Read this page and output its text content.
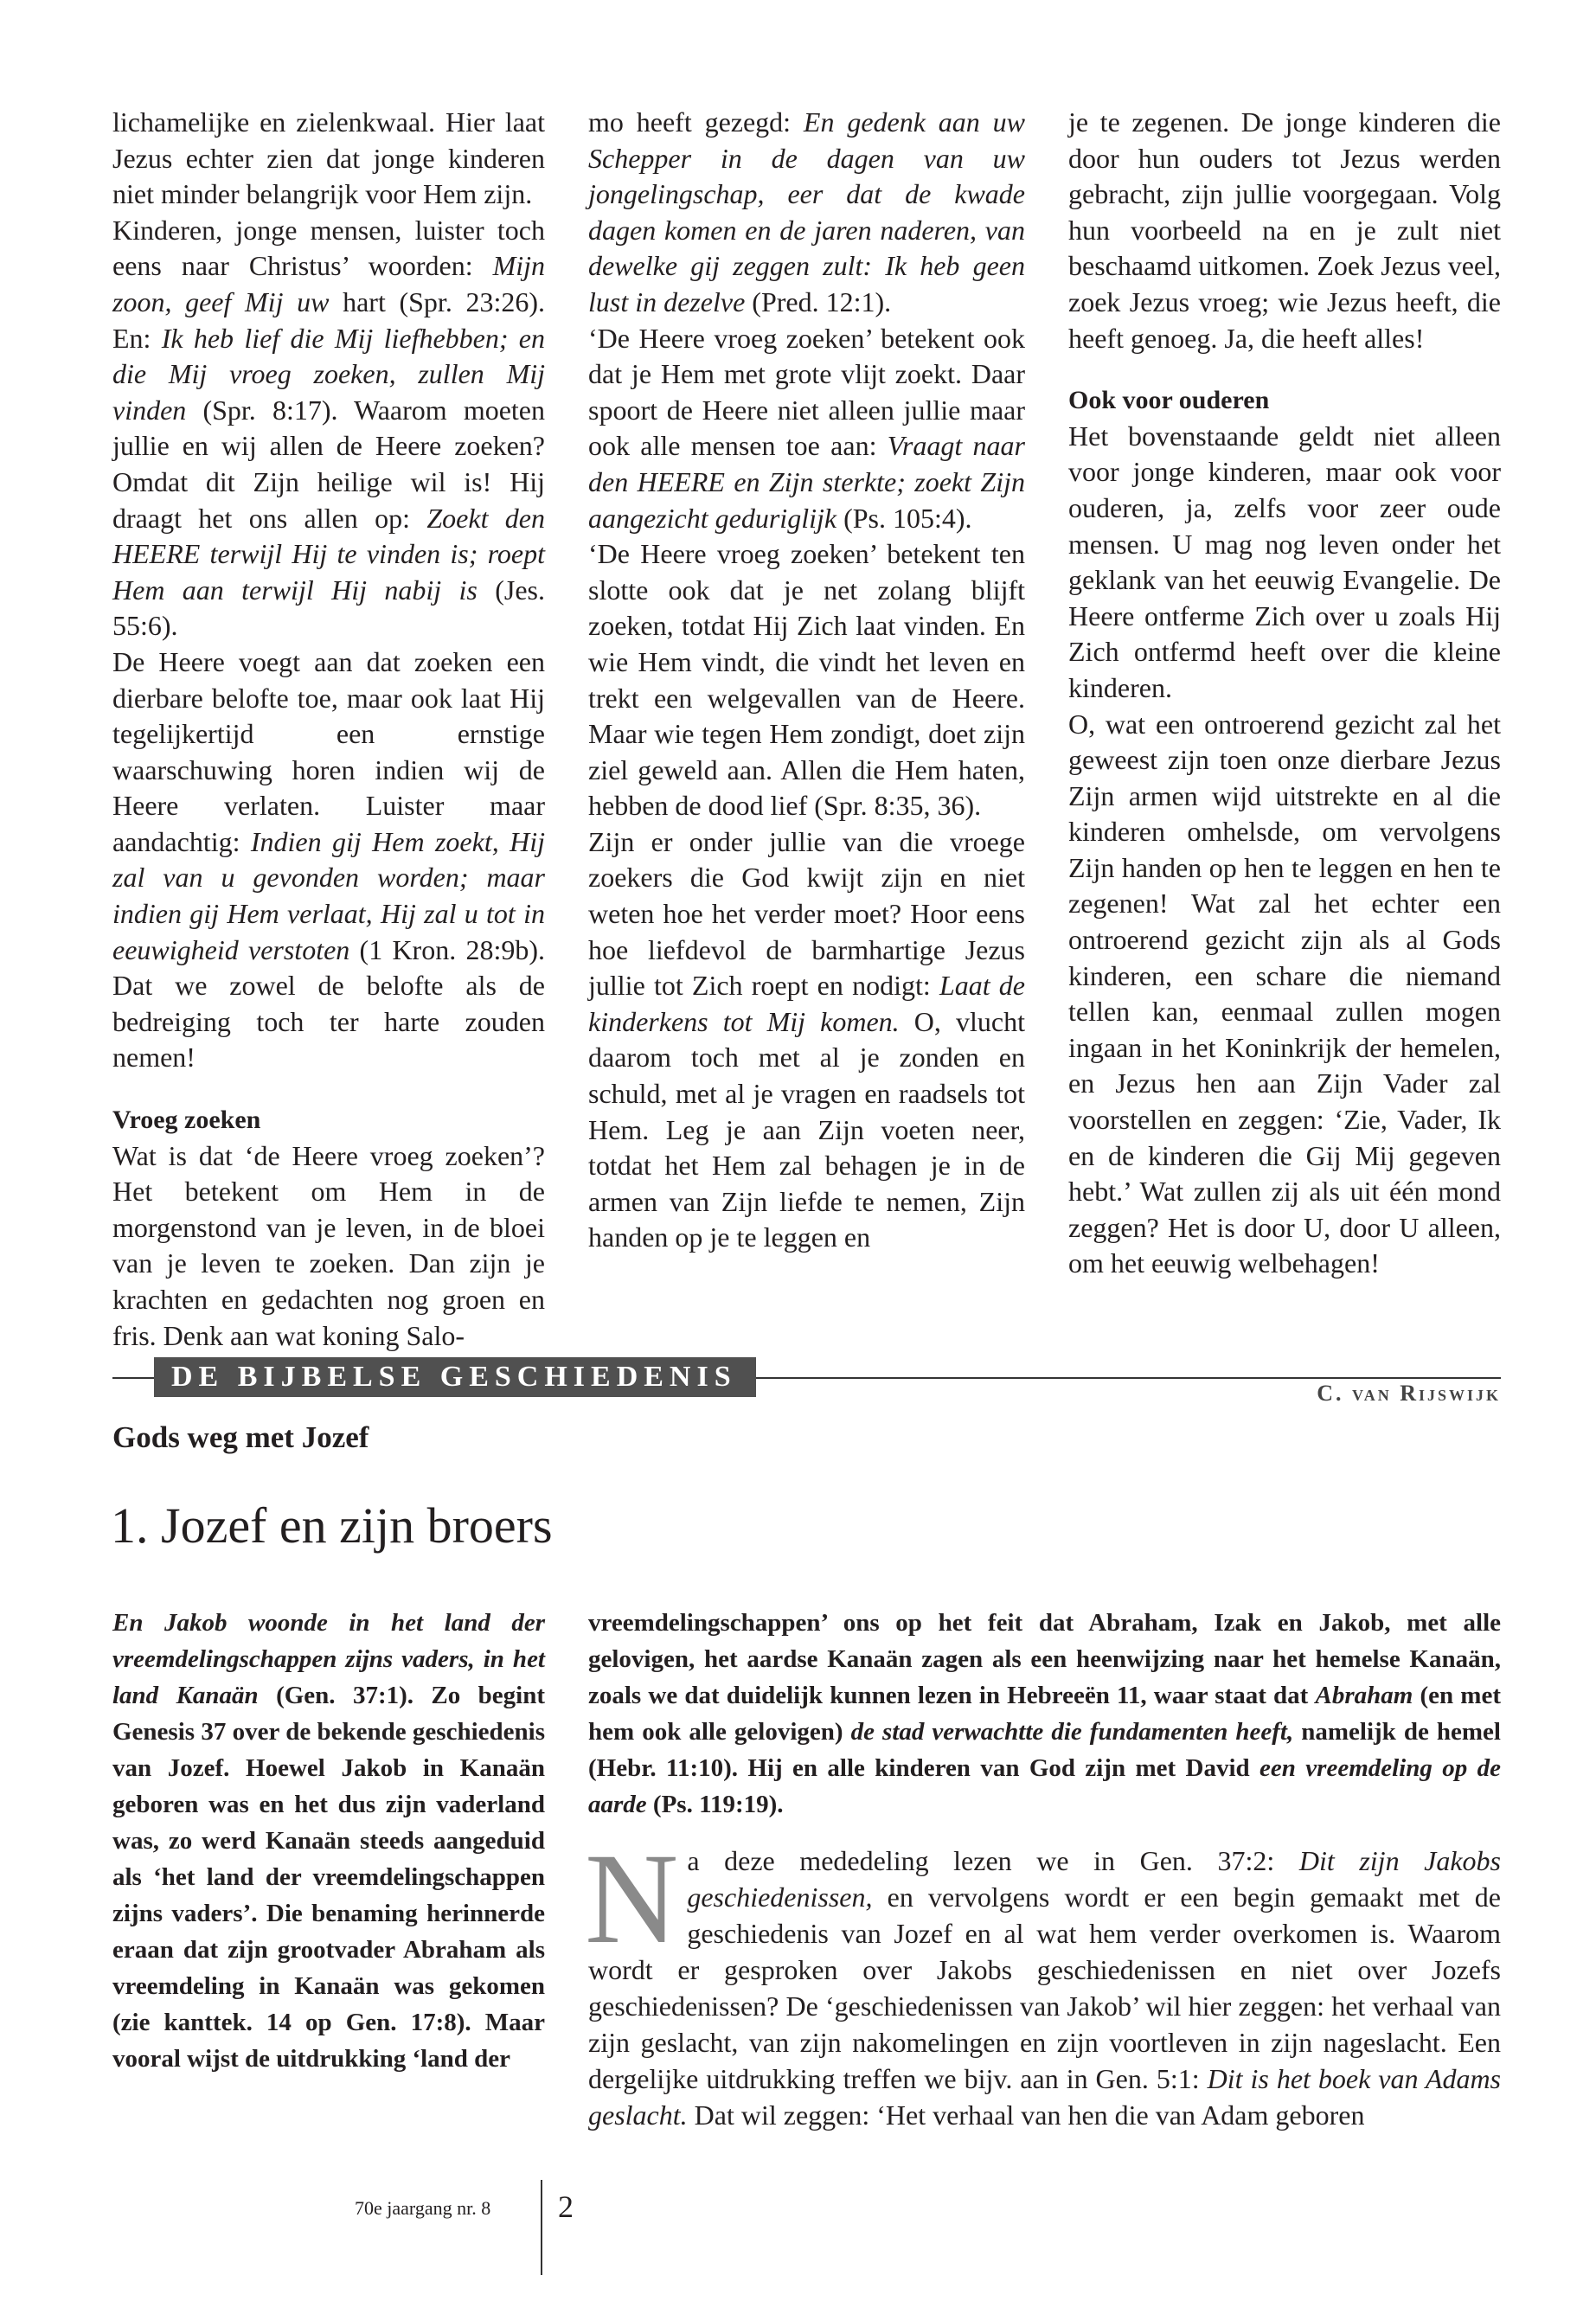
lichamelijke en zielenkwaal. Hier laat Jezus echter zien dat jonge kinderen niet minder belangrijk voor Hem zijn.

Kinderen, jonge mensen, luister toch eens naar Christus’ woorden: Mijn zoon, geef Mij uw hart (Spr. 23:26). En: Ik heb lief die Mij liefhebben; en die Mij vroeg zoeken, zullen Mij vinden (Spr. 8:17). Waarom moeten jullie en wij allen de Heere zoeken? Omdat dit Zijn heilige wil is! Hij draagt het ons allen op: Zoekt den HEERE terwijl Hij te vinden is; roept Hem aan terwijl Hij nabij is (Jes. 55:6).

De Heere voegt aan dat zoeken een dierbare belofte toe, maar ook laat Hij tegelijkertijd een ernstige waarschuwing horen indien wij de Heere verlaten. Luister maar aandachtig: Indien gij Hem zoekt, Hij zal van u gevonden worden; maar indien gij Hem verlaat, Hij zal u tot in eeuwigheid verstoten (1 Kron. 28:9b). Dat we zowel de belofte als de bedreiging toch ter harte zouden nemen!

Vroeg zoeken

Wat is dat ‘de Heere vroeg zoeken’? Het betekent om Hem in de morgenstond van je leven, in de bloei van je leven te zoeken. Dan zijn je krachten en gedachten nog groen en fris. Denk aan wat koning Salo-

mo heeft gezegd: En gedenk aan uw Schepper in de dagen van uw jongelingschap, eer dat de kwade dagen komen en de jaren naderen, van dewelke gij zeggen zult: Ik heb geen lust in dezelve (Pred. 12:1).

‘De Heere vroeg zoeken’ betekent ook dat je Hem met grote vlijt zoekt. Daar spoort de Heere niet alleen jullie maar ook alle mensen toe aan: Vraagt naar den HEERE en Zijn sterkte; zoekt Zijn aangezicht geduriglijk (Ps. 105:4).

‘De Heere vroeg zoeken’ betekent ten slotte ook dat je net zolang blijft zoeken, totdat Hij Zich laat vinden. En wie Hem vindt, die vindt het leven en trekt een welgevallen van de Heere. Maar wie tegen Hem zondigt, doet zijn ziel geweld aan. Allen die Hem haten, hebben de dood lief (Spr. 8:35, 36).

Zijn er onder jullie van die vroege zoekers die God kwijt zijn en niet weten hoe het verder moet? Hoor eens hoe liefdevol de barmhartige Jezus jullie tot Zich roept en nodigt: Laat de kinderkens tot Mij komen. O, vlucht daarom toch met al je zonden en schuld, met al je vragen en raadsels tot Hem. Leg je aan Zijn voeten neer, totdat het Hem zal behagen je in de armen van Zijn liefde te nemen, Zijn handen op je te leggen en

je te zegenen. De jonge kinderen die door hun ouders tot Jezus werden gebracht, zijn jullie voorgegaan. Volg hun voorbeeld na en je zult niet beschaamd uitkomen. Zoek Jezus veel, zoek Jezus vroeg; wie Jezus heeft, die heeft genoeg. Ja, die heeft alles!

Ook voor ouderen

Het bovenstaande geldt niet alleen voor jonge kinderen, maar ook voor ouderen, ja, zelfs voor zeer oude mensen. U mag nog leven onder het geklank van het eeuwig Evangelie. De Heere ontferme Zich over u zoals Hij Zich ontfermd heeft over die kleine kinderen.

O, wat een ontroerend gezicht zal het geweest zijn toen onze dierbare Jezus Zijn armen wijd uitstrekte en al die kinderen omhelsde, om vervolgens Zijn handen op hen te leggen en hen te zegenen! Wat zal het echter een ontroerend gezicht zijn als al Gods kinderen, een schare die niemand tellen kan, eenmaal zullen mogen ingaan in het Koninkrijk der hemelen, en Jezus hen aan Zijn Vader zal voorstellen en zeggen: ‘Zie, Vader, Ik en de kinderen die Gij Mij gegeven hebt.’ Wat zullen zij als uit één mond zeggen? Het is door U, door U alleen, om het eeuwig welbehagen!

DE BIJBELSE GESCHIEDENIS
C. van Rijswijk
Gods weg met Jozef
1. Jozef en zijn broers
En Jakob woonde in het land der vreemdelingschappen zijns vaders, in het land Kanaän (Gen. 37:1). Zo begint Genesis 37 over de bekende geschiedenis van Jozef. Hoewel Jakob in Kanaän geboren was en het dus zijn vaderland was, zo werd Kanaän steeds aangeduid als ‘het land der vreemdelingschappen zijns vaders’. Die benaming herinnerde eraan dat zijn grootvader Abraham als vreemdeling in Kanaän was gekomen (zie kanttek. 14 op Gen. 17:8). Maar vooral wijst de uitdrukking ‘land der
vreemdelingschappen’ ons op het feit dat Abraham, Izak en Jakob, met alle gelovigen, het aardse Kanaän zagen als een heenwijzing naar het hemelse Kanaän, zoals we dat duidelijk kunnen lezen in Hebreeën 11, waar staat dat Abraham (en met hem ook alle gelovigen) de stad verwachtte die fundamenten heeft, namelijk de hemel (Hebr. 11:10). Hij en alle kinderen van God zijn met David een vreemdeling op de aarde (Ps. 119:19).
Na deze mededeling lezen we in Gen. 37:2: Dit zijn Jakobs geschiedenissen, en vervolgens wordt er een begin gemaakt met de geschiedenis van Jozef en al wat hem verder overkomen is. Waarom wordt er gesproken over Jakobs geschiedenissen en niet over Jozefs geschiedenissen? De ‘geschiedenissen van Jakob’ wil hier zeggen: het verhaal van zijn geslacht, van zijn nakomelingen en zijn voortleven in zijn nageslacht. Een dergelijke uitdrukking treffen we bijv. aan in Gen. 5:1: Dit is het boek van Adams geslacht. Dat wil zeggen: ‘Het verhaal van hen die van Adam geboren
70e jaargang nr. 8 2
